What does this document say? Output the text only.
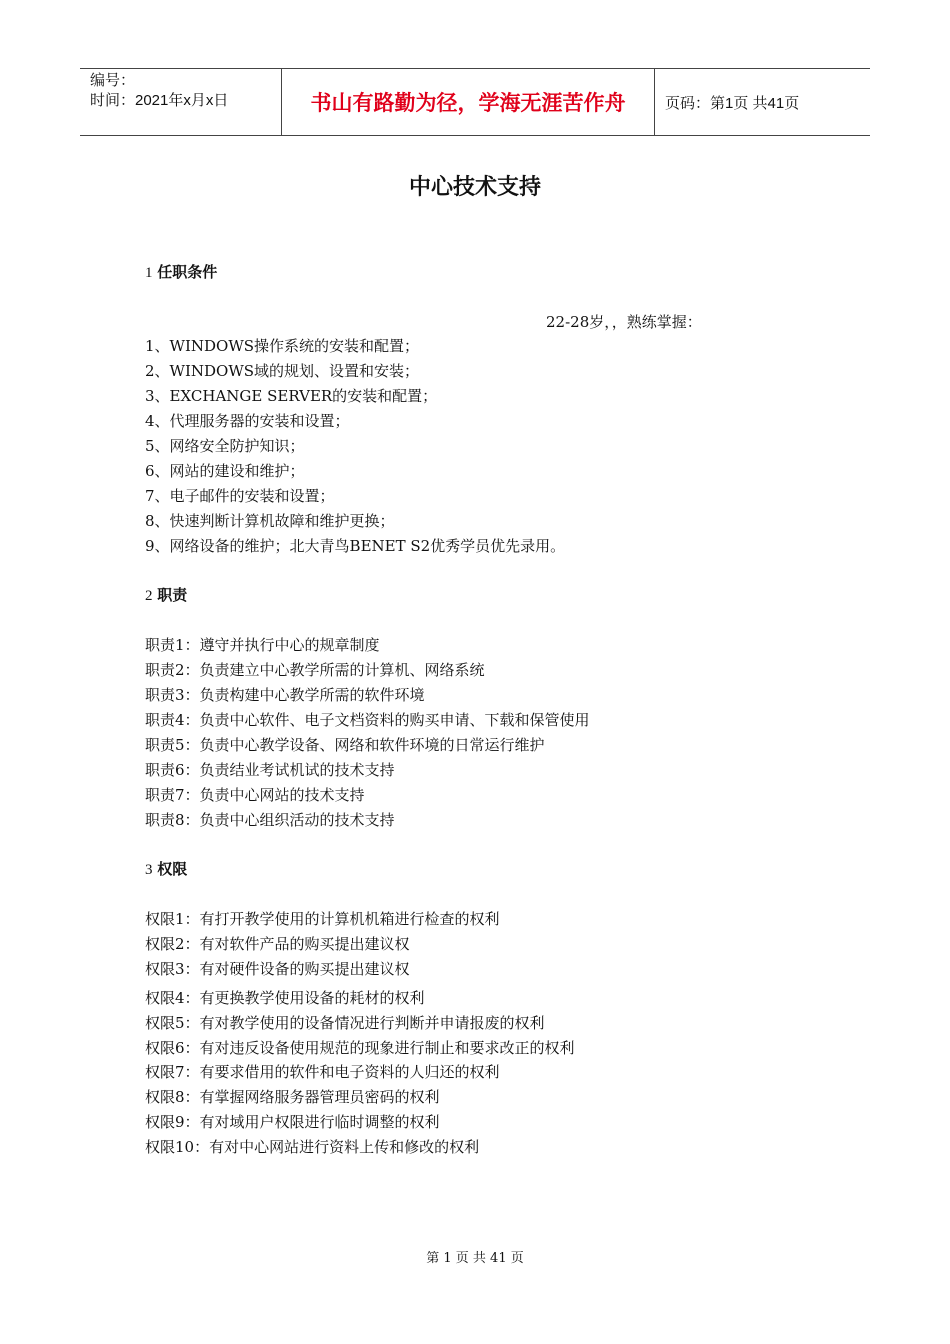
编号：
时间：2021年x月x日	书山有路勤为径，学海无涯苦作舟	页码：第1页 共41页
中心技术支持
1 任职条件
22-28岁，，熟练掌握：
1、WINDOWS操作系统的安装和配置；
2、WINDOWS域的规划、设置和安装；
3、EXCHANGE SERVER的安装和配置；
4、代理服务器的安装和设置；
5、网络安全防护知识；
6、网站的建设和维护；
7、电子邮件的安装和设置；
8、快速判断计算机故障和维护更换；
9、网络设备的维护；北大青鸟BENET S2优秀学员优先录用。
2 职责
职责1：遵守并执行中心的规章制度
职责2：负责建立中心教学所需的计算机、网络系统
职责3：负责构建中心教学所需的软件环境
职责4：负责中心软件、电子文档资料的购买申请、下载和保管使用
职责5：负责中心教学设备、网络和软件环境的日常运行维护
职责6：负责结业考试机试的技术支持
职责7：负责中心网站的技术支持
职责8：负责中心组织活动的技术支持
3 权限
权限1：有打开教学使用的计算机机箱进行检查的权利
权限2：有对软件产品的购买提出建议权
权限3：有对硬件设备的购买提出建议权
权限4：有更换教学使用设备的耗材的权利
权限5：有对教学使用的设备情况进行判断并申请报废的权利
权限6：有对违反设备使用规范的现象进行制止和要求改正的权利
权限7：有要求借用的软件和电子资料的人归还的权利
权限8：有掌握网络服务器管理员密码的权利
权限9：有对域用户权限进行临时调整的权利
权限10：有对中心网站进行资料上传和修改的权利
第 1 页 共 41 页
